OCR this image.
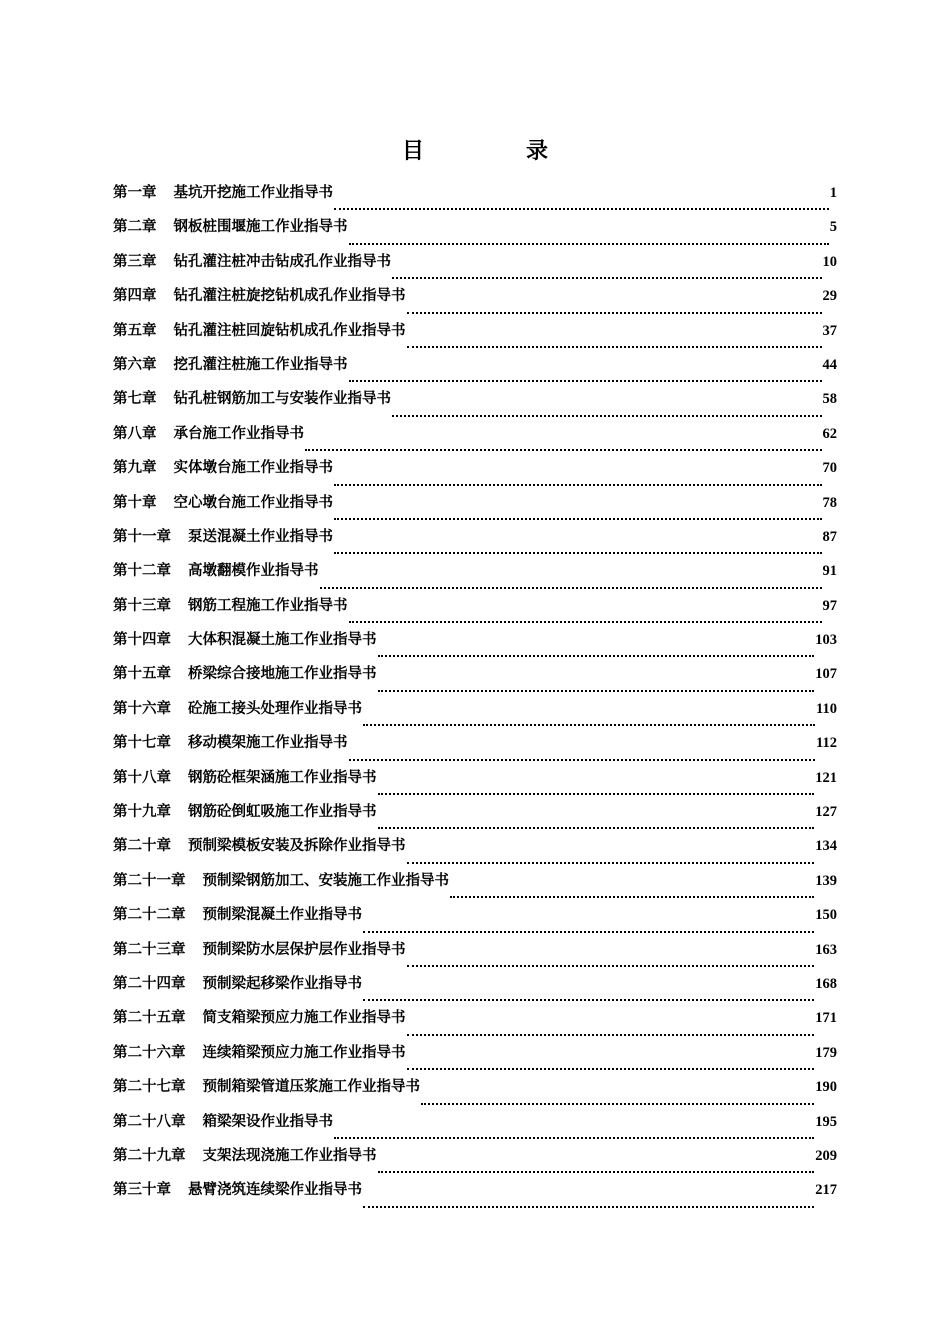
目　录
第一章 基坑开挖施工作业指导书	1
第二章 钢板桩围堰施工作业指导书	5
第三章 钻孔灌注桩冲击钻成孔作业指导书	10
第四章 钻孔灌注桩旋挖钻机成孔作业指导书	29
第五章 钻孔灌注桩回旋钻机成孔作业指导书	37
第六章 挖孔灌注桩施工作业指导书	44
第七章 钻孔桩钢筋加工与安装作业指导书	58
第八章 承台施工作业指导书	62
第九章 实体墩台施工作业指导书	70
第十章 空心墩台施工作业指导书	78
第十一章 泵送混凝土作业指导书	87
第十二章 高墩翻模作业指导书	91
第十三章 钢筋工程施工作业指导书	97
第十四章 大体积混凝土施工作业指导书	103
第十五章 桥梁综合接地施工作业指导书	107
第十六章 砼施工接头处理作业指导书	110
第十七章 移动模架施工作业指导书	112
第十八章 钢筋砼框架涵施工作业指导书	121
第十九章 钢筋砼倒虹吸施工作业指导书	127
第二十章 预制梁模板安装及拆除作业指导书	134
第二十一章 预制梁钢筋加工、安装施工作业指导书	139
第二十二章 预制梁混凝土作业指导书	150
第二十三章 预制梁防水层保护层作业指导书	163
第二十四章 预制梁起移梁作业指导书	168
第二十五章 简支箱梁预应力施工作业指导书	171
第二十六章 连续箱梁预应力施工作业指导书	179
第二十七章 预制箱梁管道压浆施工作业指导书	190
第二十八章 箱梁架设作业指导书	195
第二十九章 支架法现浇施工作业指导书	209
第三十章 悬臂浇筑连续梁作业指导书	217
